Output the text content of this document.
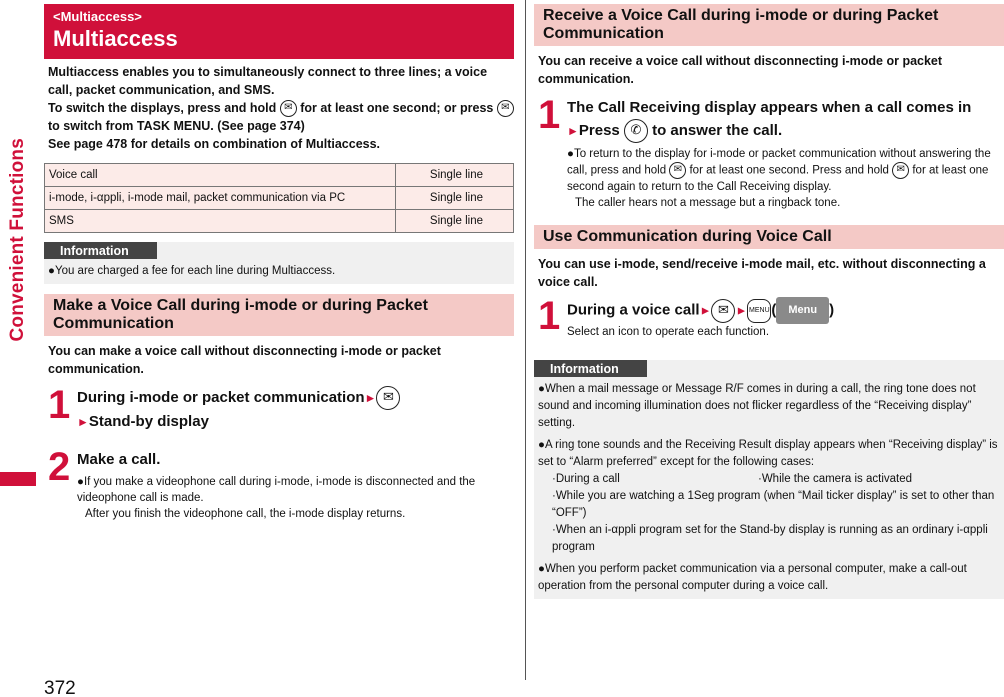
Convenient Functions
372
<Multiaccess>
Multiaccess
Multiaccess enables you to simultaneously connect to three lines; a voice call, packet communication, and SMS.
To switch the displays, press and hold ✉ for at least one second; or press ✉ to switch from TASK MENU. (See page 374)
See page 478 for details on combination of Multiaccess.
Voice call	Single line
i-mode, i-αppli, i-mode mail, packet communication via PC	Single line
SMS	Single line
Information
●You are charged a fee for each line during Multiaccess.
Make a Voice Call during i-mode or during Packet Communication
You can make a voice call without disconnecting i-mode or packet communication.
1 During i-mode or packet communication► ✉
►Stand-by display
2 Make a call.
●If you make a videophone call during i-mode, i-mode is disconnected and the videophone call is made.
After you finish the videophone call, the i-mode display returns.
Receive a Voice Call during i-mode or during Packet Communication
You can receive a voice call without disconnecting i-mode or packet communication.
1 The Call Receiving display appears when a call comes in
►Press ✆ to answer the call.
●To return to the display for i-mode or packet communication without answering the call, press and hold ✉ for at least one second. Press and hold ✉ for at least one second again to return to the Call Receiving display.
The caller hears not a message but a ringback tone.
Use Communication during Voice Call
You can use i-mode, send/receive i-mode mail, etc. without disconnecting a voice call.
1 During a voice call► ✉ ► MENU ( Menu )
Select an icon to operate each function.
Information
●When a mail message or Message R/F comes in during a call, the ring tone does not sound and incoming illumination does not flicker regardless of the “Receiving display” setting.
●A ring tone sounds and the Receiving Result display appears when “Receiving display” is set to “Alarm preferred” except for the following cases:
·During a call	·While the camera is activated
·While you are watching a 1Seg program (when “Mail ticker display” is set to other than “OFF”)
·When an i-αppli program set for the Stand-by display is running as an ordinary i-αppli program
●When you perform packet communication via a personal computer, make a call-out operation from the personal computer during a voice call.
